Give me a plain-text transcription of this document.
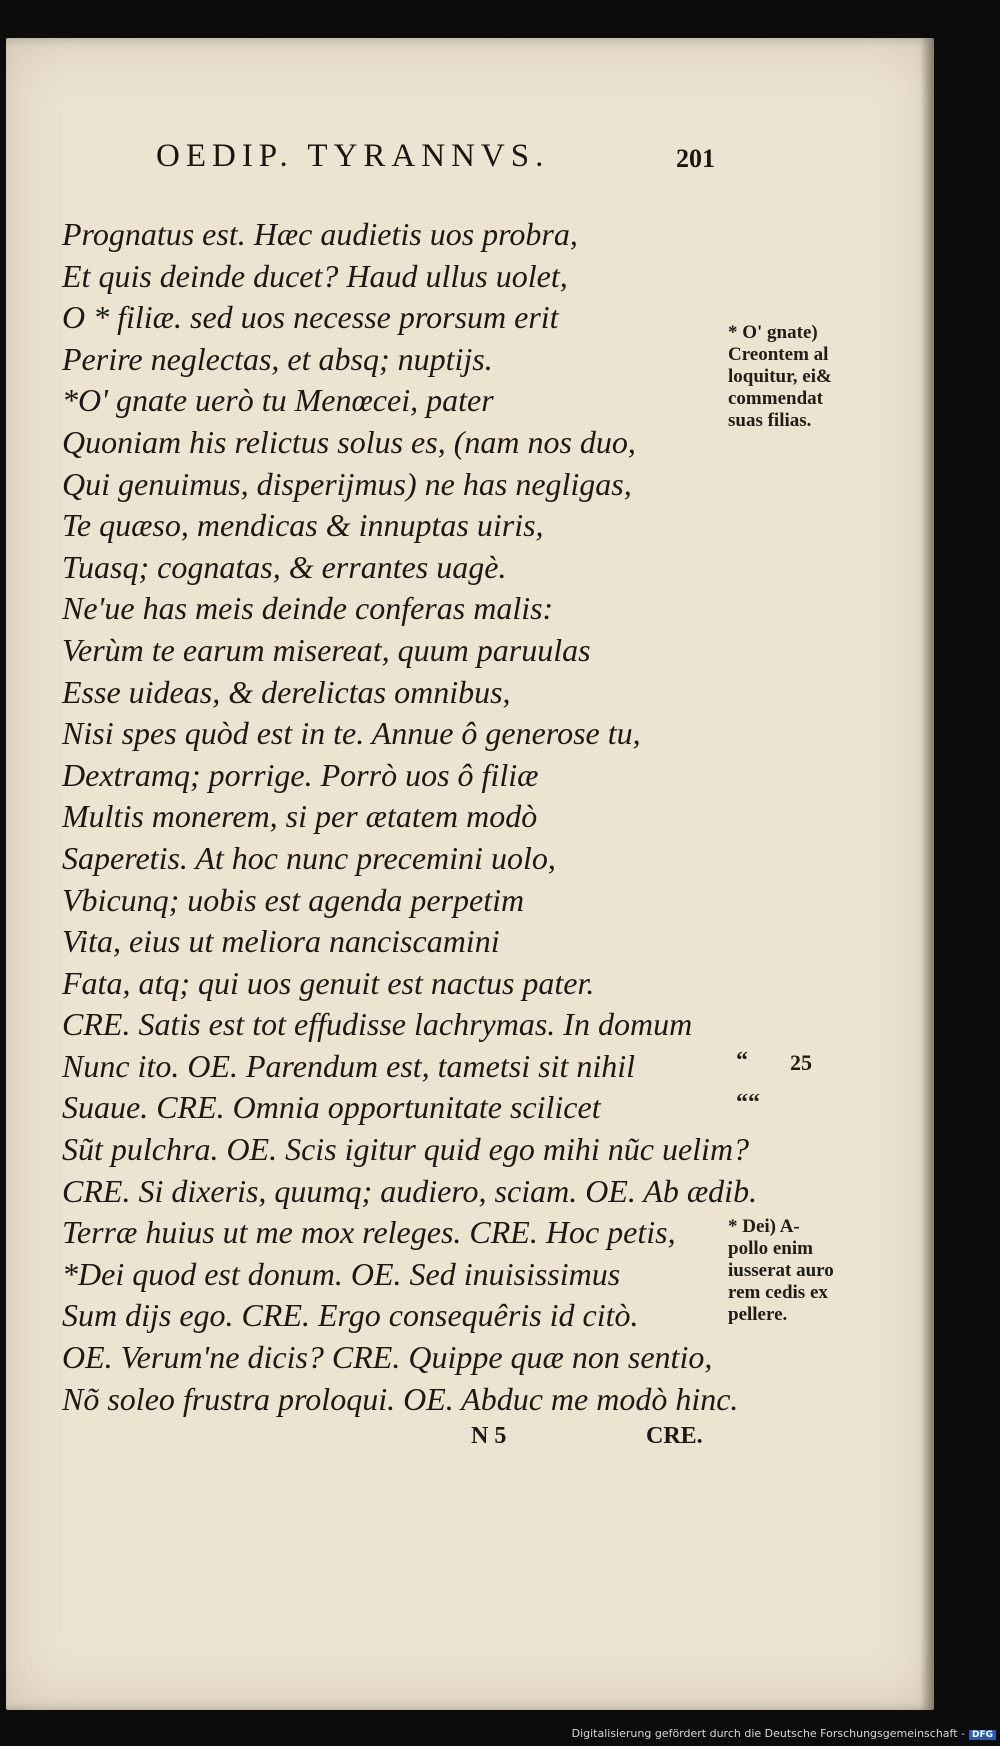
OEDIP. TYRANNVS.	201
Prognatus est. Hæc audietis uos probra,
Et quis deinde ducet? Haud ullus uolet,
O * filiæ. sed uos necesse prorsum erit
Perire neglectas, et absq; nuptijs.
*O' gnate uerò tu Menœcei, pater
Quoniam his relictus solus es, (nam nos duo,
Qui genuimus, disperijmus) ne has negligas,
Te quæso, mendicas & innuptas uiris,
Tuasq; cognatas, & errantes uagè.
Ne'ue has meis deinde conferas malis:
Verùm te earum misereat, quum paruulas
Esse uideas, & derelictas omnibus,
Nisi spes quòd est in te. Annue ô generose tu,
Dextramq; porrige. Porrò uos ô filiæ
Multis monerem, si per ætatem modò
Saperetis. At hoc nunc precemini uolo,
Vbicunq; uobis est agenda perpetim
Vita, eius ut meliora nanciscamini
Fata, atq; qui uos genuit est nactus pater.
CRE. Satis est tot effudisse lachrymas. In domum
Nunc ito. OE. Parendum est, tametsi sit nihil
Suaue. CRE. Omnia opportunitate scilicet
Sũt pulchra. OE. Scis igitur quid ego mihi nũc uelim?
CRE. Si dixeris, quumq; audiero, sciam. OE. Ab ædib.
Terræ huius ut me mox releges. CRE. Hoc petis,
*Dei quod est donum. OE. Sed inuisissimus
Sum dijs ego. CRE. Ergo consequêris id citò.
OE. Verum'ne dicis? CRE. Quippe quæ non sentio,
Nõ soleo frustra proloqui. OE. Abduc me modò hinc.
* O' gnate)
Creontem al
loquitur, ei&
commendat
suas filias.
“ 25
““
* Dei) A-
pollo enim
iusserat auro
rem cedis ex
pellere.
N 5	CRE.
Digitalisierung gefördert durch die Deutsche Forschungsgemeinschaft - DFG
